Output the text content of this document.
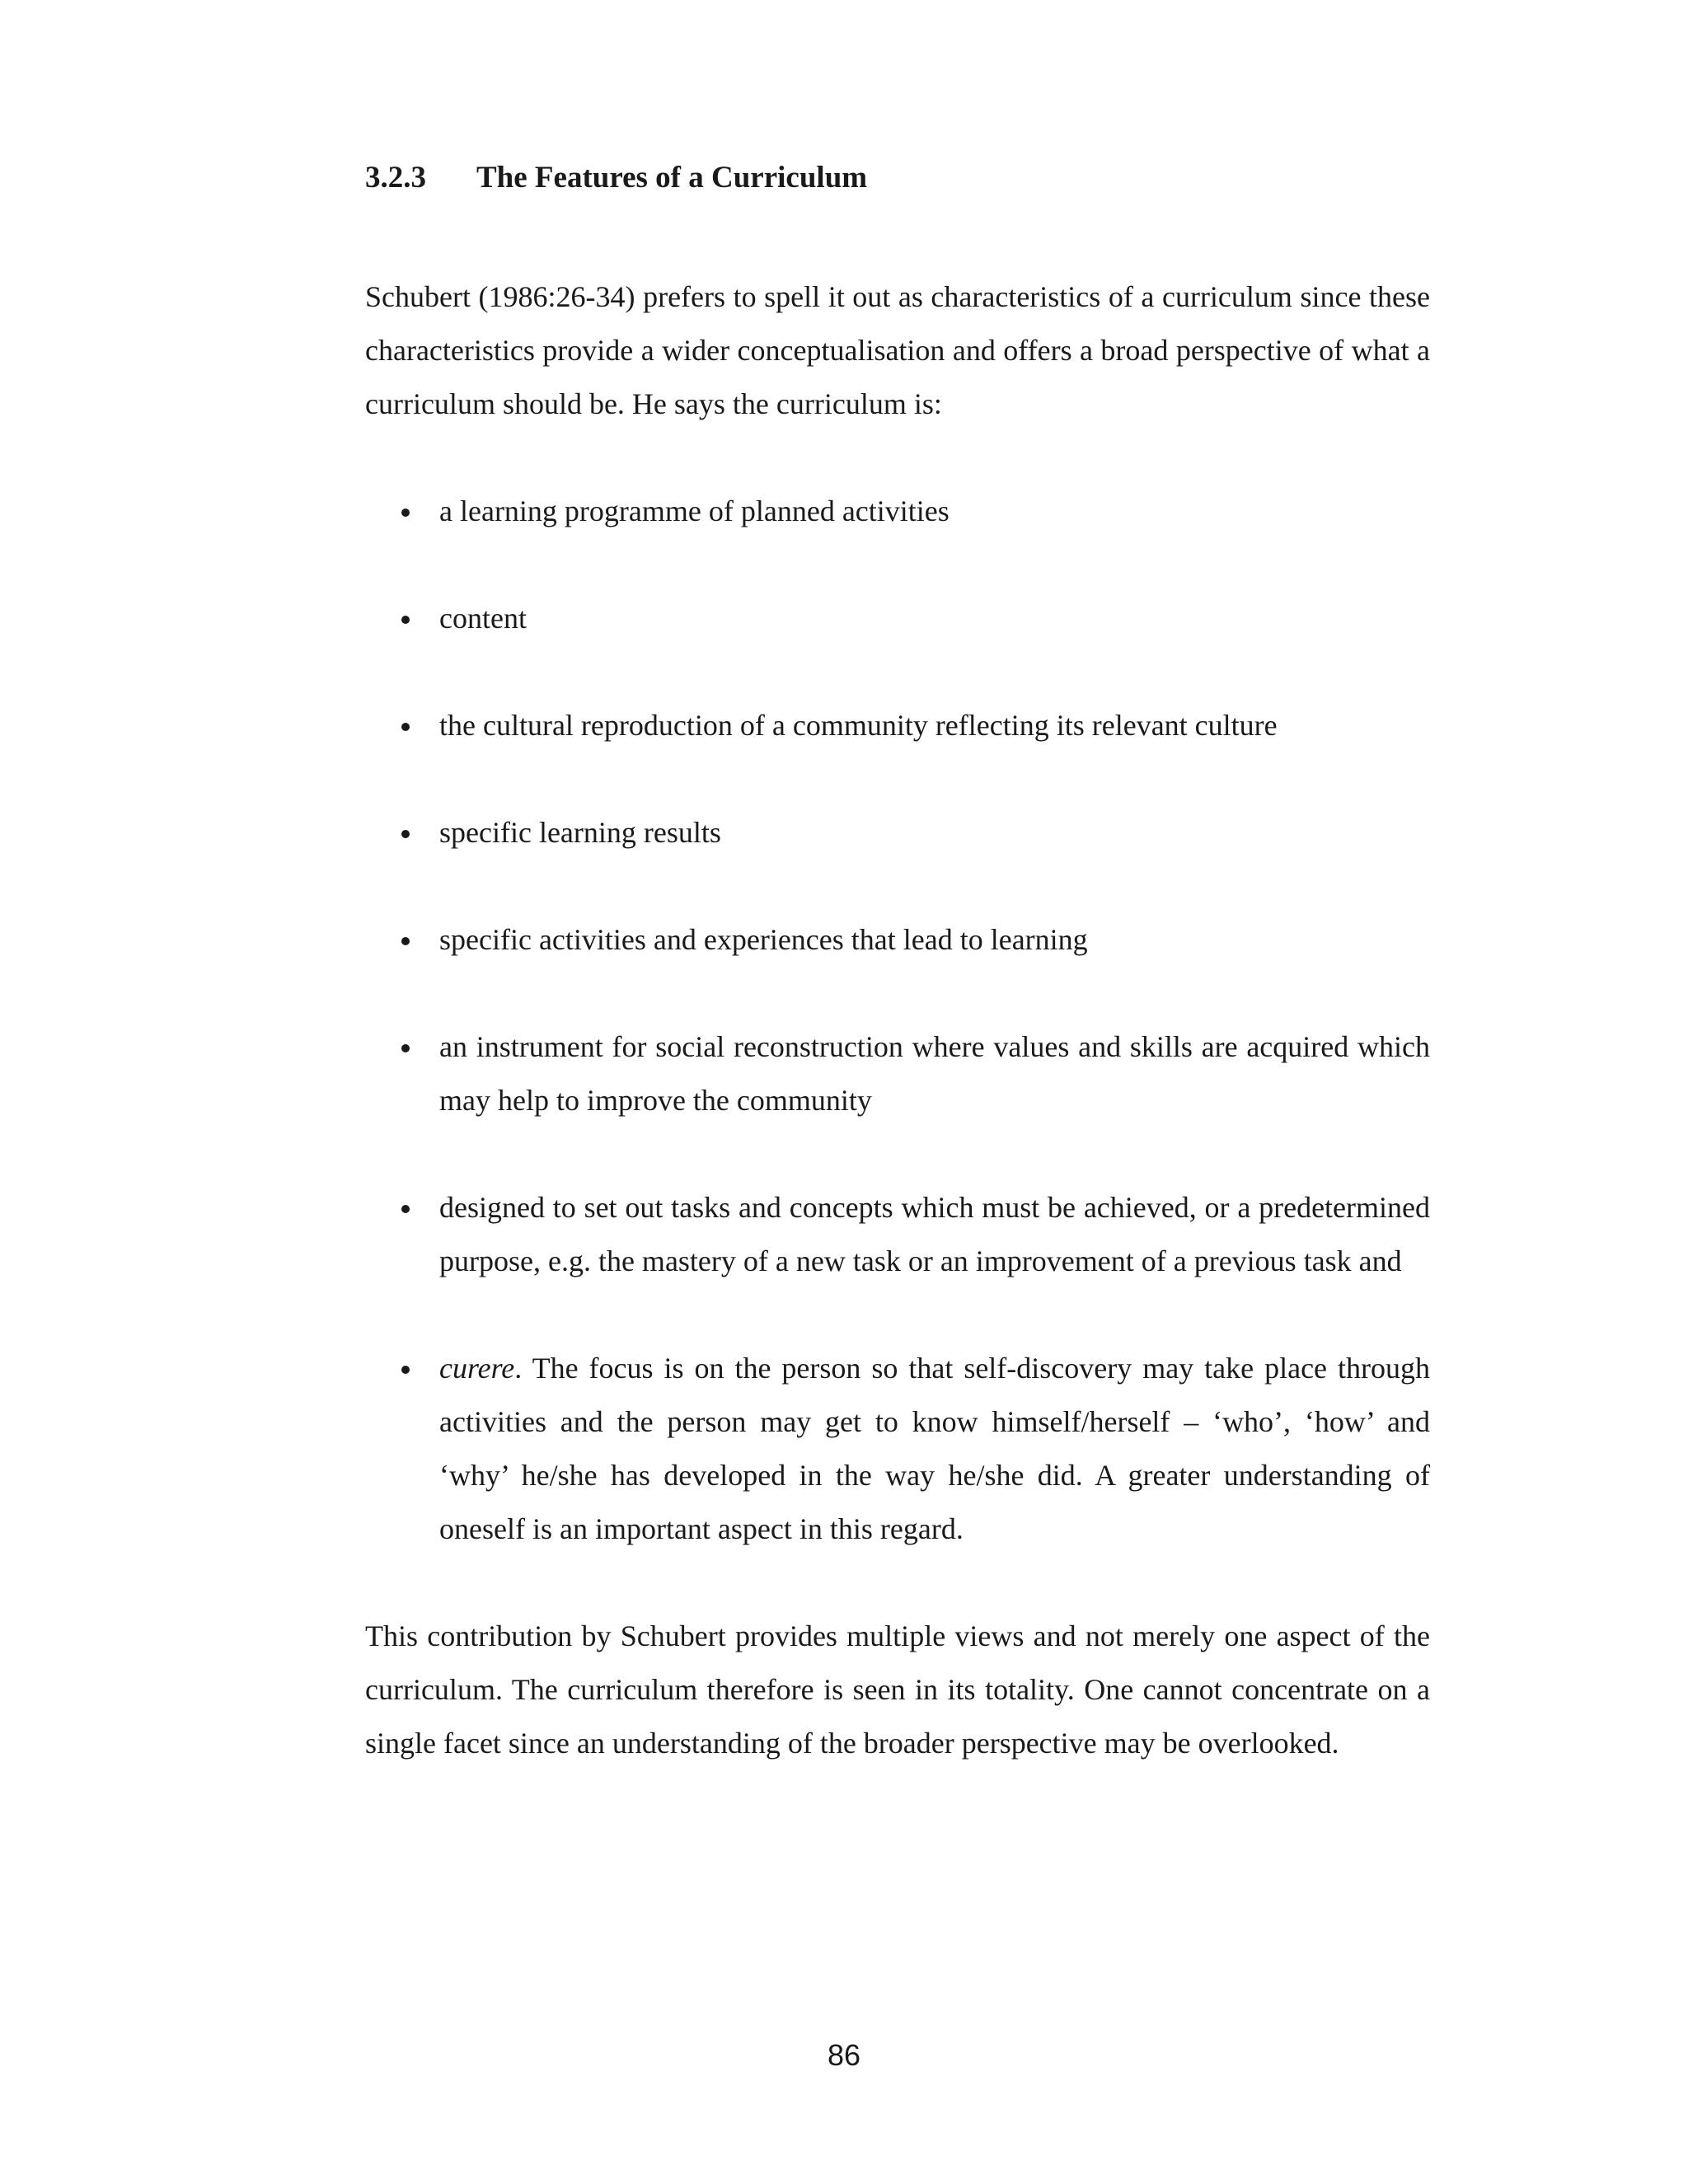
3.2.3	The Features of a Curriculum

Schubert (1986:26-34) prefers to spell it out as characteristics of a curriculum since these characteristics provide a wider conceptualisation and offers a broad perspective of what a curriculum should be. He says the curriculum is:

a learning programme of planned activities
content
the cultural reproduction of a community reflecting its relevant culture
specific learning results
specific activities and experiences that lead to learning
an instrument for social reconstruction where values and skills are acquired which may help to improve the community
designed to set out tasks and concepts which must be achieved, or a predetermined purpose, e.g. the mastery of a new task or an improvement of a previous task and
curere. The focus is on the person so that self-discovery may take place through activities and the person may get to know himself/herself – ‘who’, ‘how’ and ‘why’ he/she has developed in the way he/she did. A greater understanding of oneself is an important aspect in this regard.

This contribution by Schubert provides multiple views and not merely one aspect of the curriculum. The curriculum therefore is seen in its totality. One cannot concentrate on a single facet since an understanding of the broader perspective may be overlooked.

86
